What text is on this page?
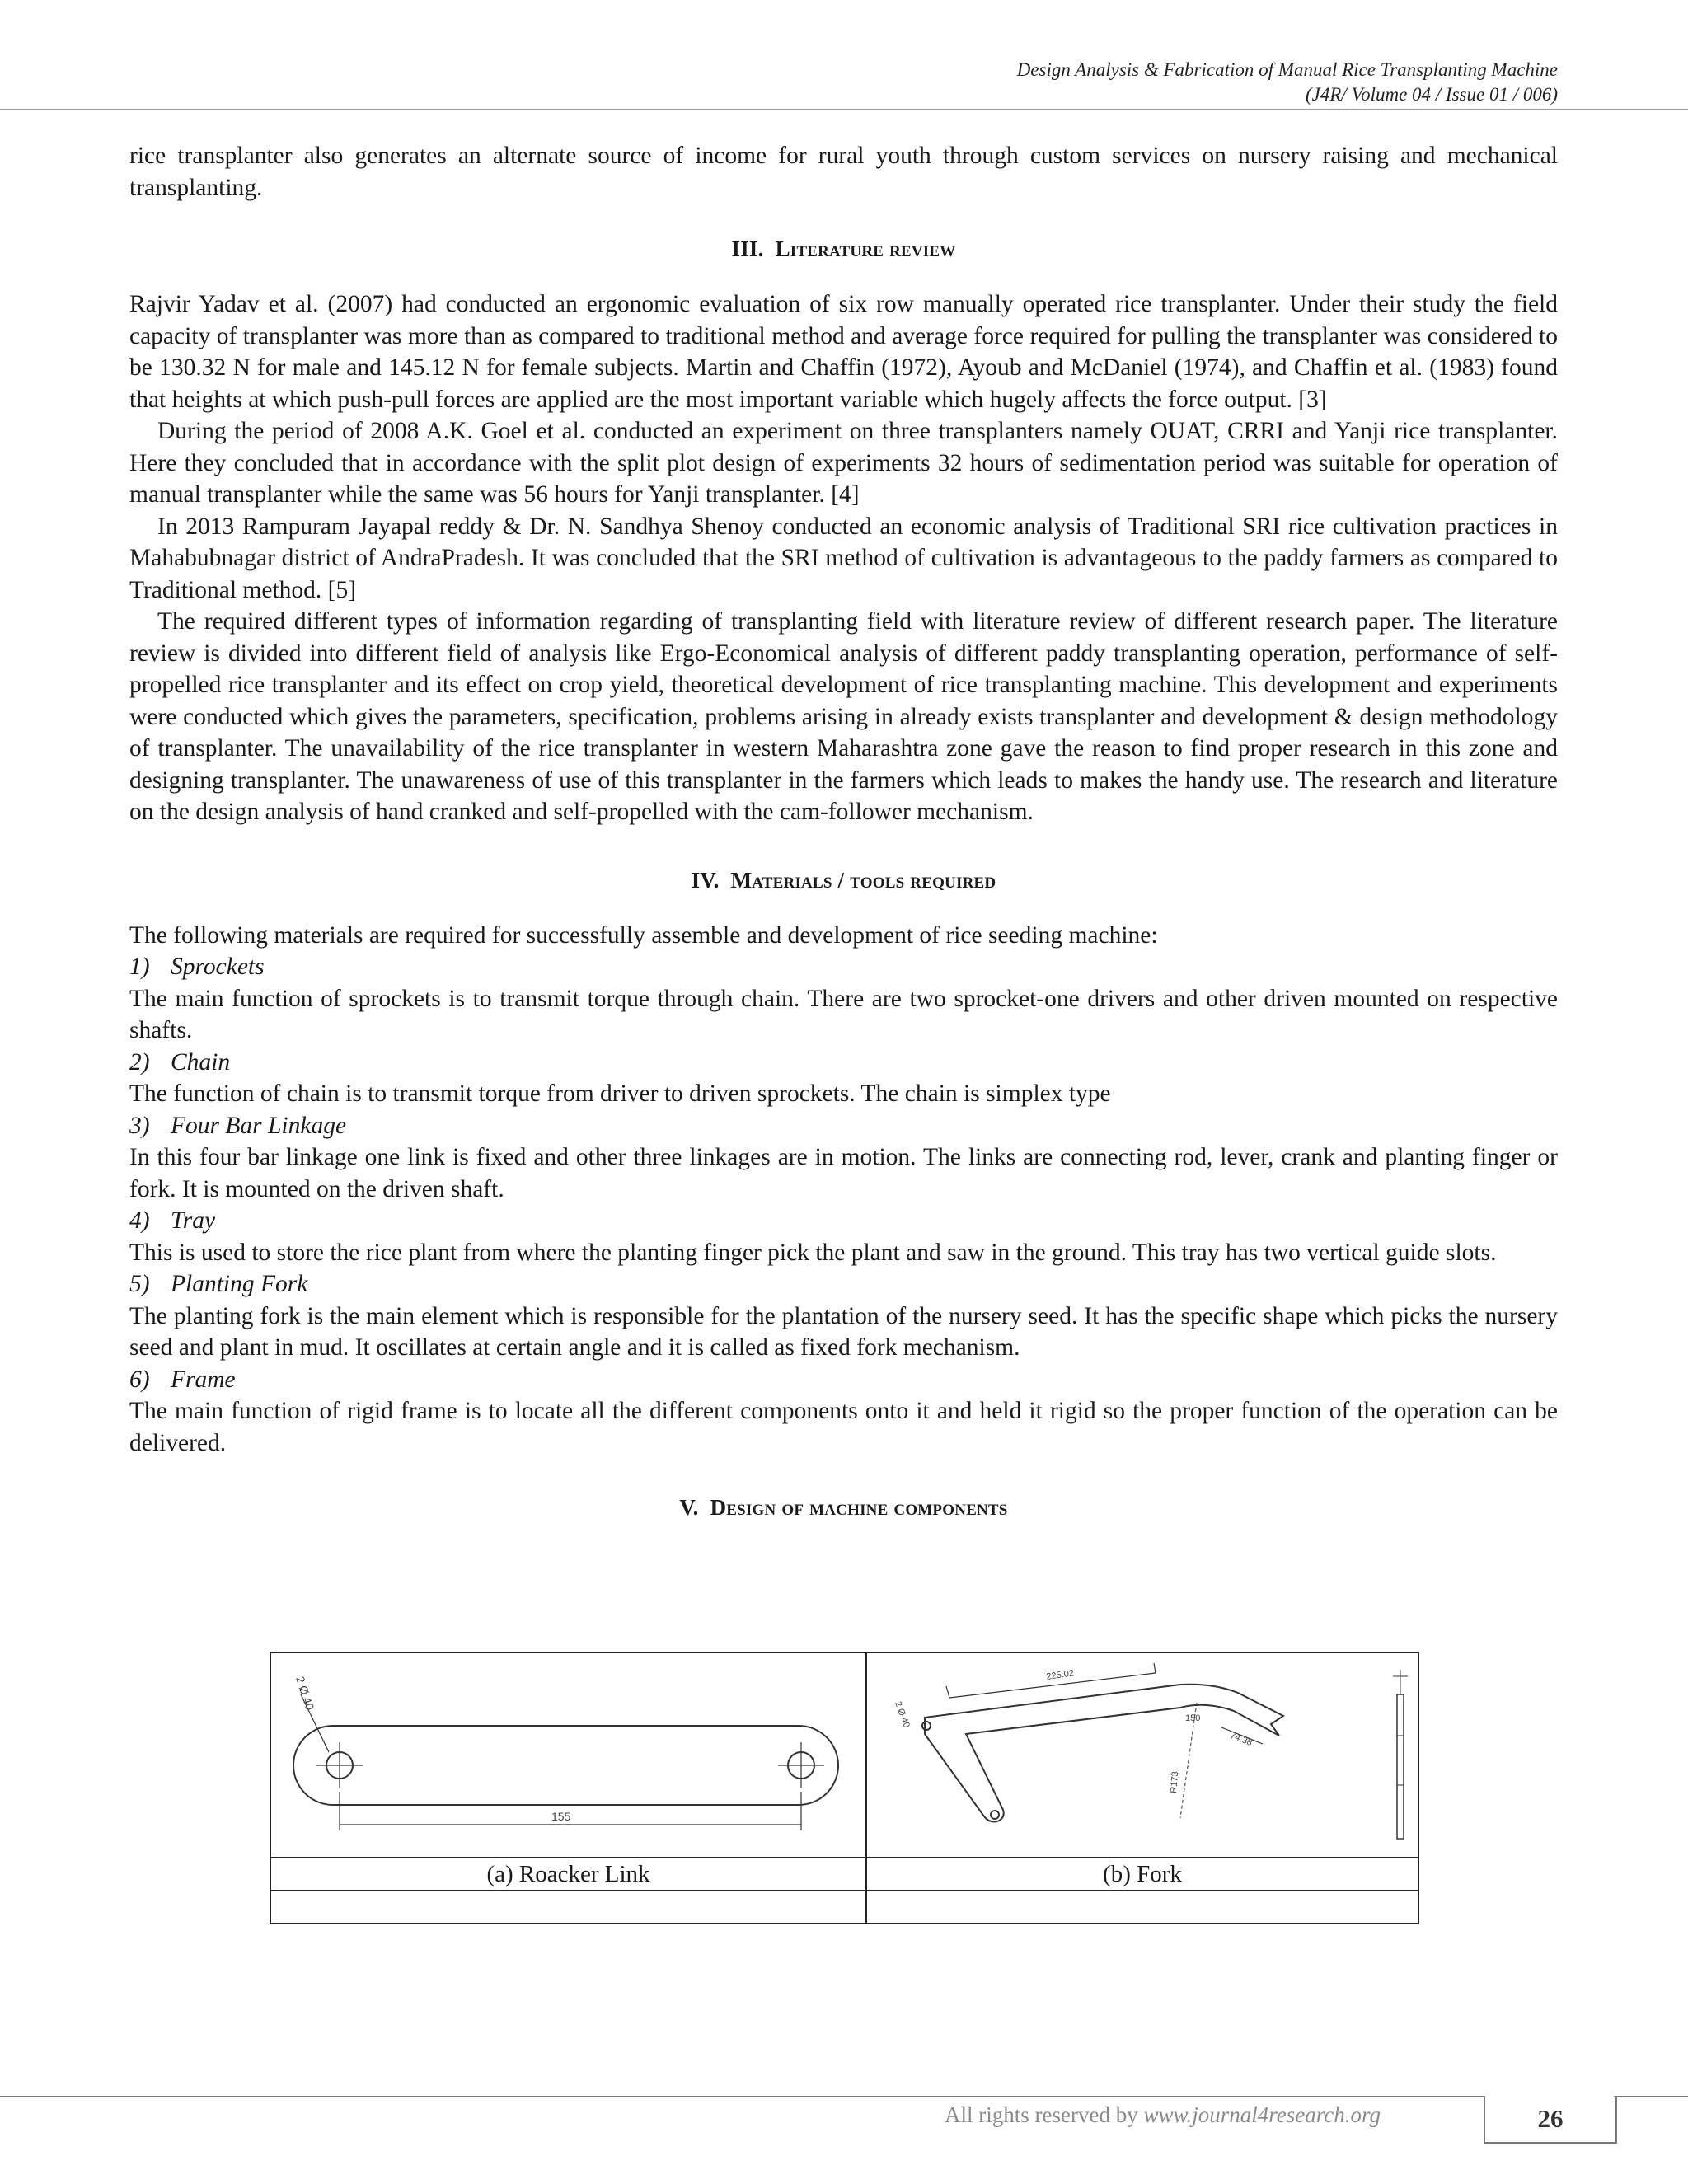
Design Analysis & Fabrication of Manual Rice Transplanting Machine
(J4R/ Volume 04 / Issue 01 / 006)

rice transplanter also generates an alternate source of income for rural youth through custom services on nursery raising and mechanical transplanting.

III. Literature review

Rajvir Yadav et al. (2007) had conducted an ergonomic evaluation of six row manually operated rice transplanter. Under their study the field capacity of transplanter was more than as compared to traditional method and average force required for pulling the transplanter was considered to be 130.32 N for male and 145.12 N for female subjects. Martin and Chaffin (1972), Ayoub and McDaniel (1974), and Chaffin et al. (1983) found that heights at which push-pull forces are applied are the most important variable which hugely affects the force output. [3]

During the period of 2008 A.K. Goel et al. conducted an experiment on three transplanters namely OUAT, CRRI and Yanji rice transplanter. Here they concluded that in accordance with the split plot design of experiments 32 hours of sedimentation period was suitable for operation of manual transplanter while the same was 56 hours for Yanji transplanter. [4]

In 2013 Rampuram Jayapal reddy & Dr. N. Sandhya Shenoy conducted an economic analysis of Traditional SRI rice cultivation practices in Mahabubnagar district of AndraPradesh. It was concluded that the SRI method of cultivation is advantageous to the paddy farmers as compared to Traditional method. [5]

The required different types of information regarding of transplanting field with literature review of different research paper. The literature review is divided into different field of analysis like Ergo-Economical analysis of different paddy transplanting operation, performance of self-propelled rice transplanter and its effect on crop yield, theoretical development of rice transplanting machine. This development and experiments were conducted which gives the parameters, specification, problems arising in already exists transplanter and development & design methodology of transplanter. The unavailability of the rice transplanter in western Maharashtra zone gave the reason to find proper research in this zone and designing transplanter. The unawareness of use of this transplanter in the farmers which leads to makes the handy use. The research and literature on the design analysis of hand cranked and self-propelled with the cam-follower mechanism.

IV. Materials / tools required

The following materials are required for successfully assemble and development of rice seeding machine:

1) Sprockets

The main function of sprockets is to transmit torque through chain. There are two sprocket-one drivers and other driven mounted on respective shafts.

2) Chain

The function of chain is to transmit torque from driver to driven sprockets. The chain is simplex type

3) Four Bar Linkage

In this four bar linkage one link is fixed and other three linkages are in motion. The links are connecting rod, lever, crank and planting finger or fork. It is mounted on the driven shaft.

4) Tray

This is used to store the rice plant from where the planting finger pick the plant and saw in the ground. This tray has two vertical guide slots.

5) Planting Fork

The planting fork is the main element which is responsible for the plantation of the nursery seed. It has the specific shape which picks the nursery seed and plant in mud. It oscillates at certain angle and it is called as fixed fork mechanism.

6) Frame

The main function of rigid frame is to locate all the different components onto it and held it rigid so the proper function of the operation can be delivered.

V. Design of machine components
155
2 Ø 40	225.02
150
74.38
2 Ø 40
R173

(a) Roacker Link	(b) Fork

All rights reserved by www.journal4research.org	26
